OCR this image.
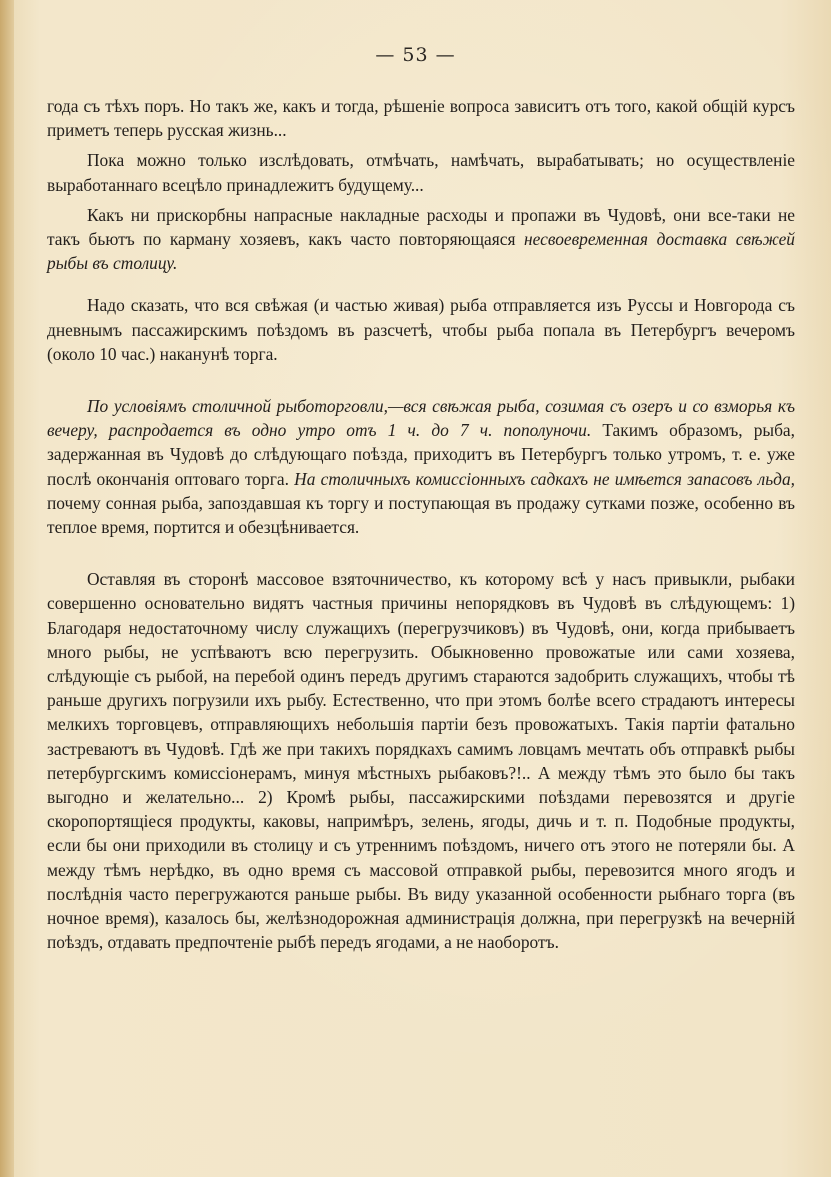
— 53 —

года съ тѣхъ поръ. Но такъ же, какъ и тогда, рѣшеніе вопроса зависитъ отъ того, какой общій курсъ приметъ теперь русская жизнь...

Пока можно только изслѣдовать, отмѣчать, намѣчать, вырабатывать; но осуществленіе выработаннаго всецѣло принадлежитъ будущему...

Какъ ни прискорбны напрасные накладные расходы и пропажи въ Чудовѣ, они все-таки не такъ бьютъ по карману хозяевъ, какъ часто повторяющаяся несвоевременная доставка свѣжей рыбы въ столицу.

Надо сказать, что вся свѣжая (и частью живая) рыба отправляется изъ Руссы и Новгорода съ дневнымъ пассажирскимъ поѣздомъ въ разсчетѣ, чтобы рыба попала въ Петербургъ вечеромъ (около 10 час.) наканунѣ торга.

По условіямъ столичной рыботорговли,—вся свѣжая рыба, созимая съ озеръ и со взморья къ вечеру, распродается въ одно утро отъ 1 ч. до 7 ч. пополуночи. Такимъ образомъ, рыба, задержанная въ Чудовѣ до слѣдующаго поѣзда, приходитъ въ Петербургъ только утромъ, т. е. уже послѣ окончанія оптоваго торга. На столичныхъ комиссіонныхъ садкахъ не имѣется запасовъ льда, почему сонная рыба, запоздавшая къ торгу и поступающая въ продажу сутками позже, особенно въ теплое время, портится и обезцѣнивается.

Оставляя въ сторонѣ массовое взяточничество, къ которому всѣ у насъ привыкли, рыбаки совершенно основательно видятъ частныя причины непорядковъ въ Чудовѣ въ слѣдующемъ: 1) Благодаря недостаточному числу служащихъ (перегрузчиковъ) въ Чудовѣ, они, когда прибываетъ много рыбы, не успѣваютъ всю перегрузить. Обыкновенно провожатые или сами хозяева, слѣдующіе съ рыбой, на перебой одинъ передъ другимъ стараются задобрить служащихъ, чтобы тѣ раньше другихъ погрузили ихъ рыбу. Естественно, что при этомъ болѣе всего страдаютъ интересы мелкихъ торговцевъ, отправляющихъ небольшія партіи безъ провожатыхъ. Такія партіи фатально застреваютъ въ Чудовѣ. Гдѣ же при такихъ порядкахъ самимъ ловцамъ мечтать объ отправкѣ рыбы петербургскимъ комиссіонерамъ, минуя мѣстныхъ рыбаковъ?!.. А между тѣмъ это было бы такъ выгодно и желательно... 2) Кромѣ рыбы, пассажирскими поѣздами перевозятся и другіе скоропортящіеся продукты, каковы, напримѣръ, зелень, ягоды, дичь и т. п. Подобные продукты, если бы они приходили въ столицу и съ утреннимъ поѣздомъ, ничего отъ этого не потеряли бы. А между тѣмъ нерѣдко, въ одно время съ массовой отправкой рыбы, перевозится много ягодъ и послѣднія часто перегружаются раньше рыбы. Въ виду указанной особенности рыбнаго торга (въ ночное время), казалось бы, желѣзнодорожная администрація должна, при перегрузкѣ на вечерній поѣздъ, отдавать предпочтеніе рыбѣ передъ ягодами, а не наоборотъ.
